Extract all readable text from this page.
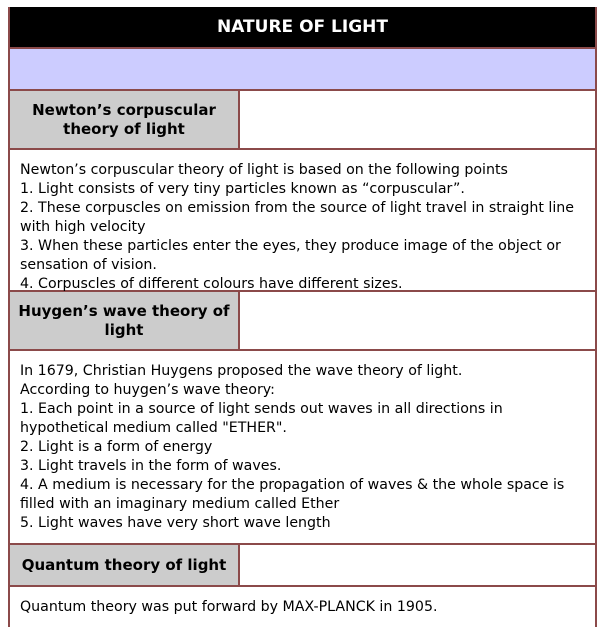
NATURE OF LIGHT
Newton’s corpuscular
theory of light
Newton’s corpuscular theory of light is based on the following points
1. Light consists of very tiny particles known as “corpuscular”.
2. These corpuscles on emission from the source of light travel in straight line with high velocity
3. When these particles enter the eyes, they produce image of the object or sensation of vision.
4. Corpuscles of different colours have different sizes.
Huygen’s wave theory of
light
In 1679, Christian Huygens proposed the wave theory of light.
According to huygen’s wave theory:
1. Each point in a source of light sends out waves in all directions in hypothetical medium called "ETHER".
2. Light is a form of energy
3. Light travels in the form of waves.
4. A medium is necessary for the propagation of waves & the whole space is filled with an imaginary medium called Ether
5. Light waves have very short wave length
Quantum theory of light
Quantum theory was put forward by MAX-PLANCK in 1905.
